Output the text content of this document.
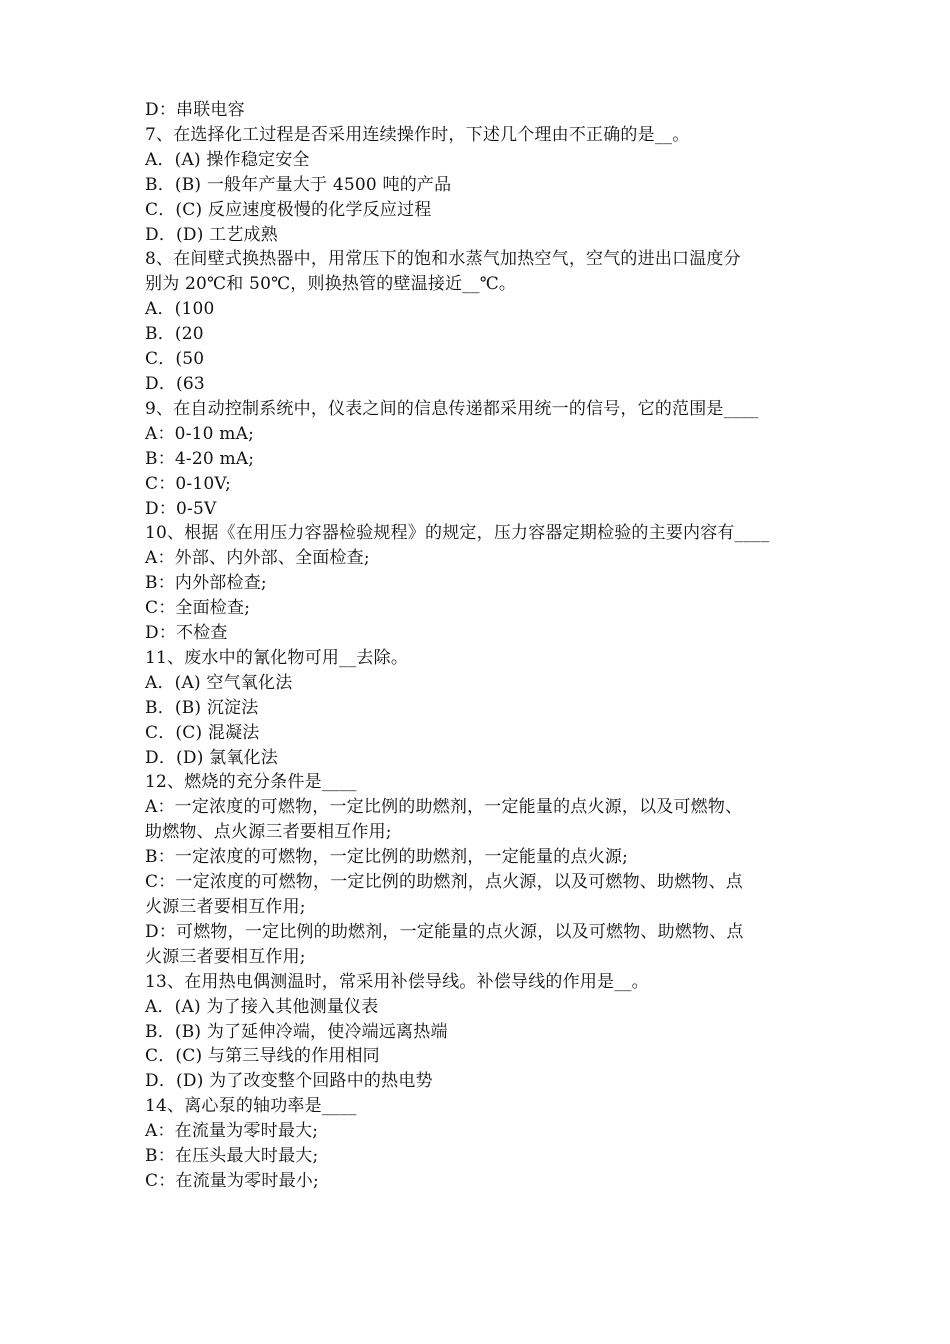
D：串联电容
7、在选择化工过程是否采用连续操作时，下述几个理由不正确的是__。
A．(A) 操作稳定安全
B．(B) 一般年产量大于 4500 吨的产品
C．(C) 反应速度极慢的化学反应过程
D．(D) 工艺成熟
8、在间壁式换热器中，用常压下的饱和水蒸气加热空气，空气的进出口温度分
别为 20℃和 50℃，则换热管的壁温接近__℃。
A．(100
B．(20
C．(50
D．(63
9、在自动控制系统中，仪表之间的信息传递都采用统一的信号，它的范围是____
A：0-10 mA;
B：4-20 mA;
C：0-10V;
D：0-5V
10、根据《在用压力容器检验规程》的规定，压力容器定期检验的主要内容有____
A：外部、内外部、全面检查;
B：内外部检查;
C：全面检查;
D：不检查
11、废水中的氰化物可用__去除。
A．(A) 空气氧化法
B．(B) 沉淀法
C．(C) 混凝法
D．(D) 氯氧化法
12、燃烧的充分条件是____
A：一定浓度的可燃物，一定比例的助燃剂，一定能量的点火源，以及可燃物、
助燃物、点火源三者要相互作用;
B：一定浓度的可燃物，一定比例的助燃剂，一定能量的点火源;
C：一定浓度的可燃物，一定比例的助燃剂，点火源，以及可燃物、助燃物、点
火源三者要相互作用;
D：可燃物，一定比例的助燃剂，一定能量的点火源，以及可燃物、助燃物、点
火源三者要相互作用;
13、在用热电偶测温时，常采用补偿导线。补偿导线的作用是__。
A．(A) 为了接入其他测量仪表
B．(B) 为了延伸冷端，使冷端远离热端
C．(C) 与第三导线的作用相同
D．(D) 为了改变整个回路中的热电势
14、离心泵的轴功率是____
A：在流量为零时最大;
B：在压头最大时最大;
C：在流量为零时最小;
